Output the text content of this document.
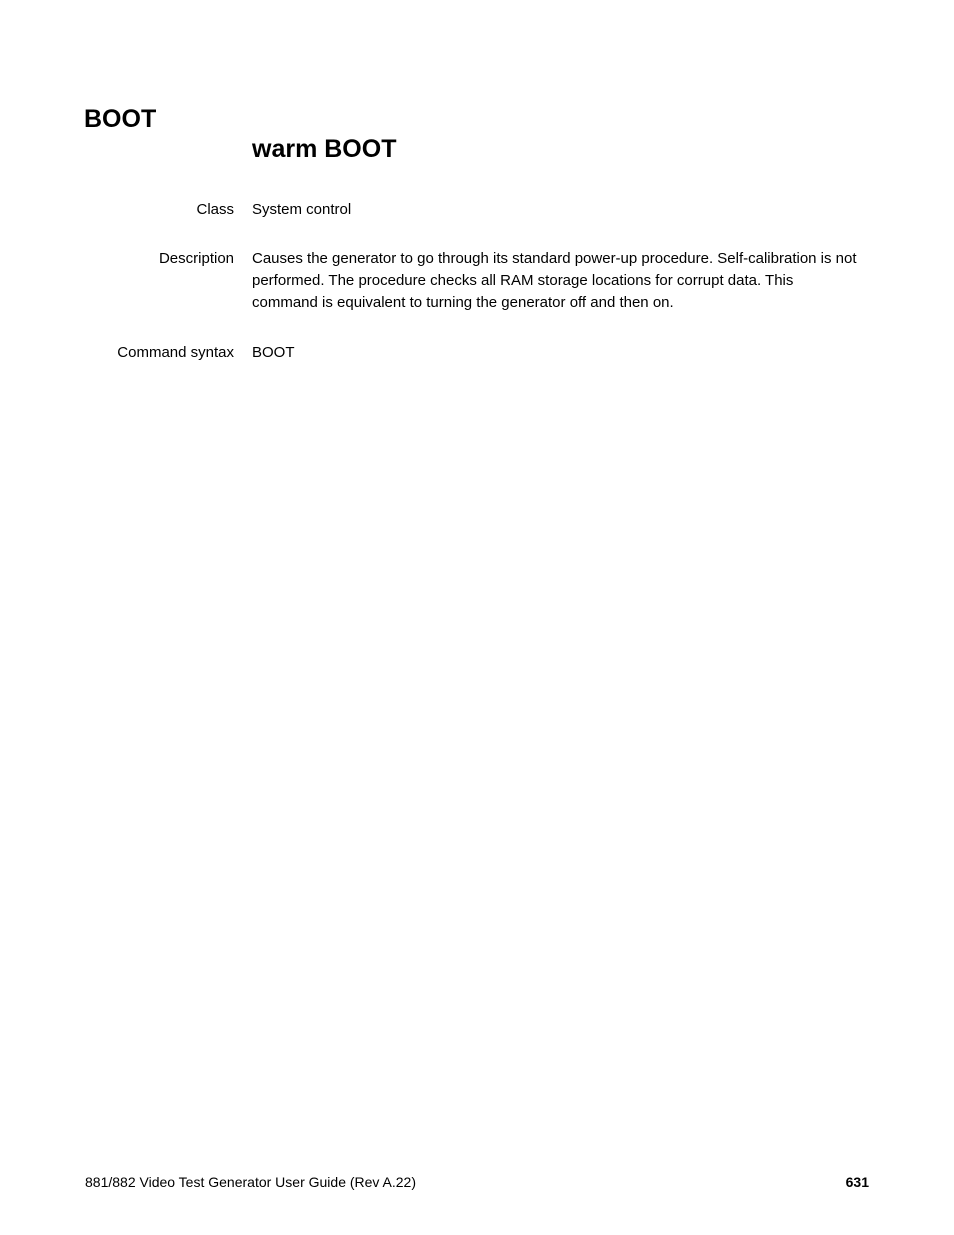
BOOT
warm BOOT
Class System control
Description Causes the generator to go through its standard power-up procedure. Self-calibration is not performed. The procedure checks all RAM storage locations for corrupt data. This command is equivalent to turning the generator off and then on.
Command syntax BOOT
881/882 Video Test Generator User Guide (Rev A.22)	631
